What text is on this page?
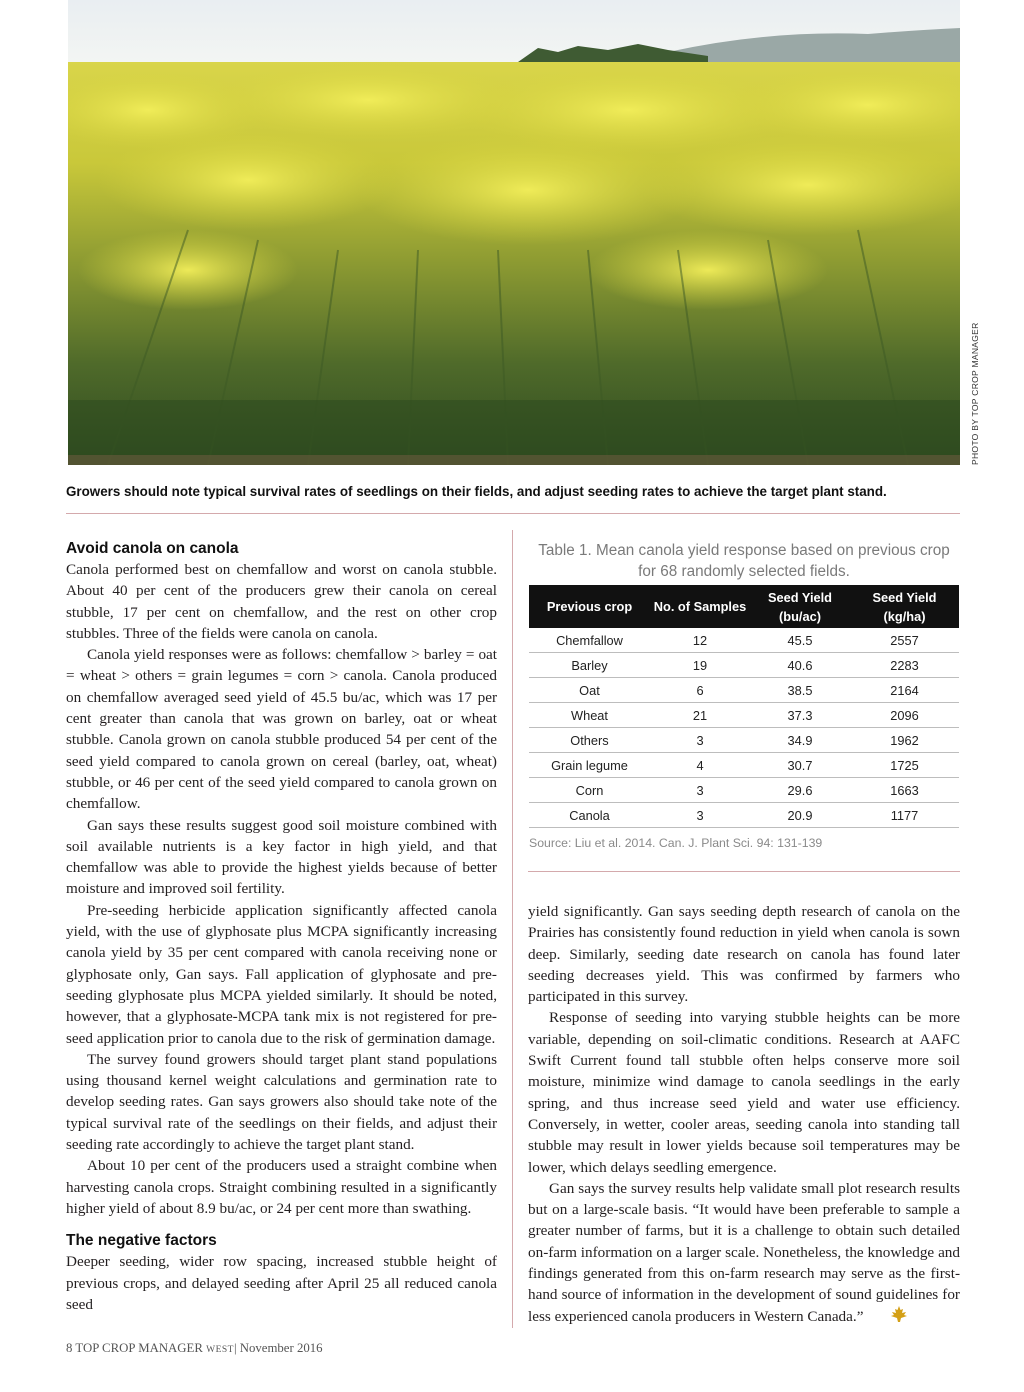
PHOTO BY TOP CROP MANAGER
Growers should note typical survival rates of seedlings on their fields, and adjust seeding rates to achieve the target plant stand.
Avoid canola on canola

Canola performed best on chemfallow and worst on canola stubble. About 40 per cent of the producers grew their canola on cereal stubble, 17 per cent on chemfallow, and the rest on other crop stubbles. Three of the fields were canola on canola.

Canola yield responses were as follows: chemfallow > barley = oat = wheat > others = grain legumes = corn > canola. Canola produced on chemfallow averaged seed yield of 45.5 bu/ac, which was 17 per cent greater than canola that was grown on barley, oat or wheat stubble. Canola grown on canola stubble produced 54 per cent of the seed yield compared to canola grown on cereal (barley, oat, wheat) stubble, or 46 per cent of the seed yield compared to canola grown on chemfallow.

Gan says these results suggest good soil moisture combined with soil available nutrients is a key factor in high yield, and that chemfallow was able to provide the highest yields because of better moisture and improved soil fertility.

Pre-seeding herbicide application significantly affected canola yield, with the use of glyphosate plus MCPA significantly increasing canola yield by 35 per cent compared with canola receiving none or glyphosate only, Gan says. Fall application of glyphosate and pre-seeding glyphosate plus MCPA yielded similarly. It should be noted, however, that a glyphosate-MCPA tank mix is not registered for pre-seed application prior to canola due to the risk of germination damage.

The survey found growers should target plant stand populations using thousand kernel weight calculations and germination rate to develop seeding rates. Gan says growers also should take note of the typical survival rate of the seedlings on their fields, and adjust their seeding rate accordingly to achieve the target plant stand.

About 10 per cent of the producers used a straight combine when harvesting canola crops. Straight combining resulted in a significantly higher yield of about 8.9 bu/ac, or 24 per cent more than swathing.

The negative factors

Deeper seeding, wider row spacing, increased stubble height of previous crops, and delayed seeding after April 25 all reduced canola seed

Table 1. Mean canola yield response based on previous crop for 68 randomly selected fields.
Previous crop	No. of Samples	Seed Yield (bu/ac)	Seed Yield (kg/ha)
Chemfallow	12	45.5	2557
Barley	19	40.6	2283
Oat	6	38.5	2164
Wheat	21	37.3	2096
Others	3	34.9	1962
Grain legume	4	30.7	1725
Corn	3	29.6	1663
Canola	3	20.9	1177
Source: Liu et al. 2014. Can. J. Plant Sci. 94: 131-139

yield significantly. Gan says seeding depth research of canola on the Prairies has consistently found reduction in yield when canola is sown deep. Similarly, seeding date research on canola has found later seeding decreases yield. This was confirmed by farmers who participated in this survey.

Response of seeding into varying stubble heights can be more variable, depending on soil-climatic conditions. Research at AAFC Swift Current found tall stubble often helps conserve more soil moisture, minimize wind damage to canola seedlings in the early spring, and thus increase seed yield and water use efficiency. Conversely, in wetter, cooler areas, seeding canola into standing tall stubble may result in lower yields because soil temperatures may be lower, which delays seedling emergence.

Gan says the survey results help validate small plot research results but on a large-scale basis. “It would have been preferable to sample a greater number of farms, but it is a challenge to obtain such detailed on-farm information on a larger scale. Nonetheless, the knowledge and findings generated from this on-farm research may serve as the first-hand source of information in the development of sound guidelines for less experienced canola producers in Western Canada.”

8 TOP CROP MANAGER WEST| November 2016
